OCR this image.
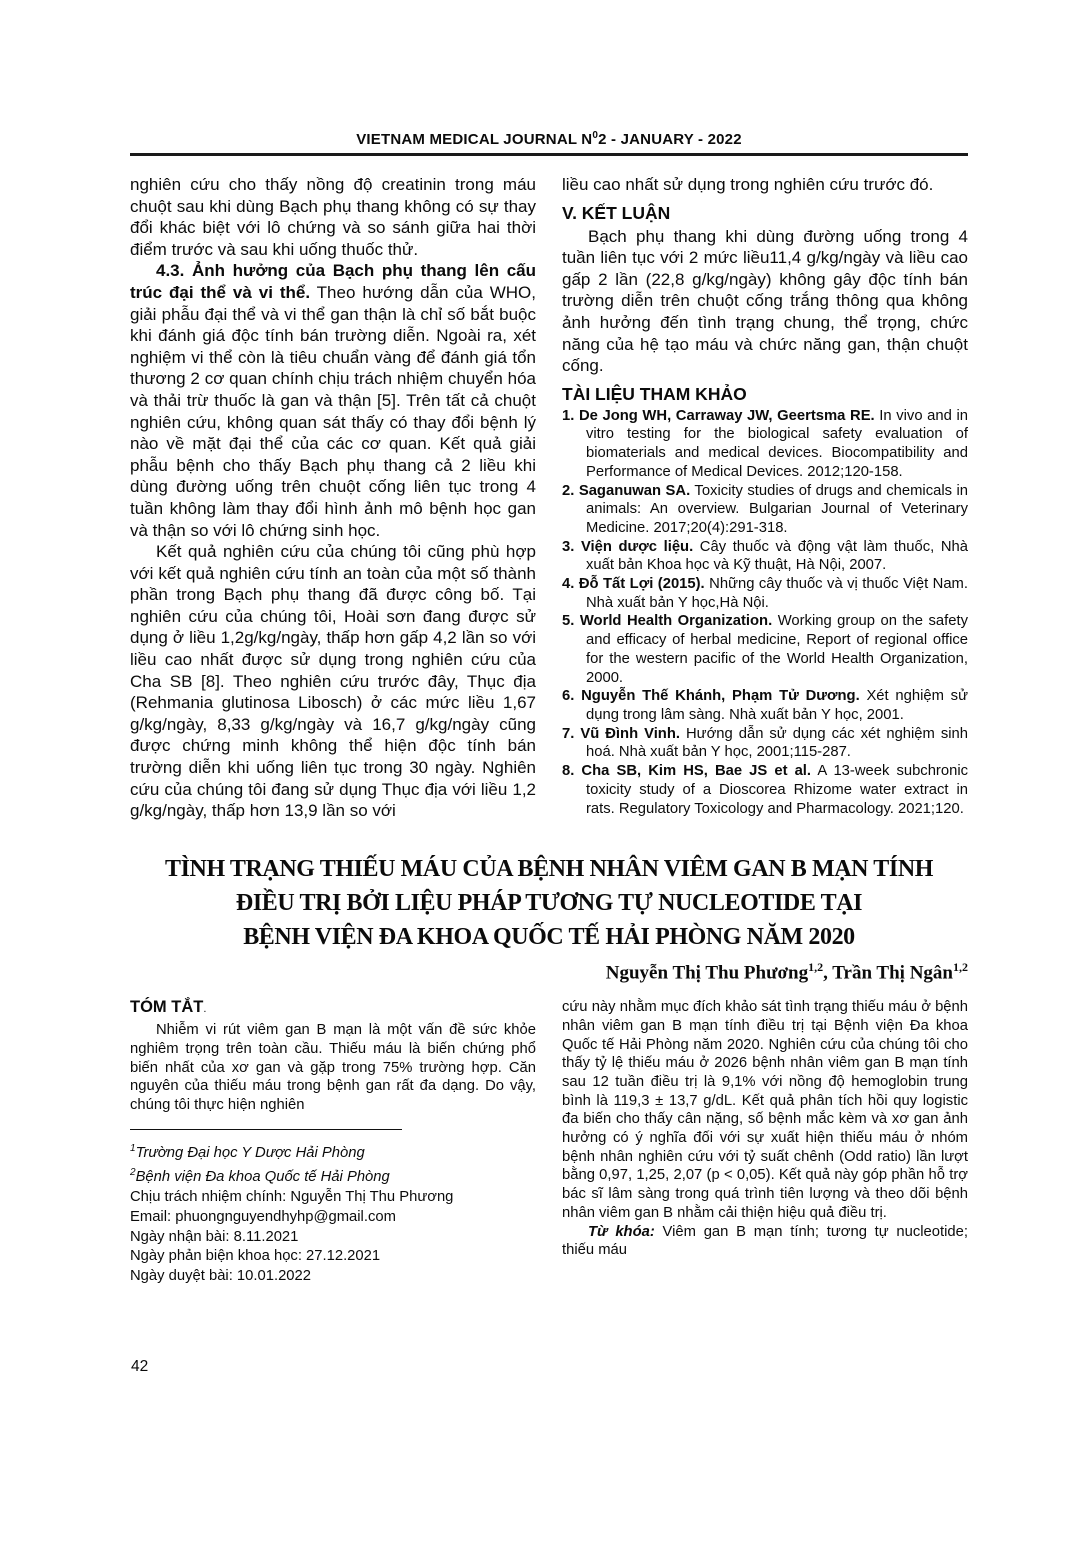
VIETNAM MEDICAL JOURNAL $N^02$ - JANUARY - 2022

nghiên cứu cho thấy nồng độ creatinin trong máu chuột sau khi dùng Bạch phụ thang không có sự thay đổi khác biệt với lô chứng và so sánh giữa hai thời điểm trước và sau khi uống thuốc thử.

4.3. Ảnh hưởng của Bạch phụ thang lên cấu trúc đại thể và vi thể. Theo hướng dẫn của WHO, giải phẫu đại thể và vi thể gan thận là chỉ số bắt buộc khi đánh giá độc tính bán trường diễn. Ngoài ra, xét nghiệm vi thể còn là tiêu chuẩn vàng để đánh giá tổn thương 2 cơ quan chính chịu trách nhiệm chuyển hóa và thải trừ thuốc là gan và thận [5]. Trên tất cả chuột nghiên cứu, không quan sát thấy có thay đổi bệnh lý nào về mặt đại thể của các cơ quan. Kết quả giải phẫu bệnh cho thấy Bạch phụ thang cả 2 liều khi dùng đường uống trên chuột cống liên tục trong 4 tuần không làm thay đổi hình ảnh mô bệnh học gan và thận so với lô chứng sinh học.

Kết quả nghiên cứu của chúng tôi cũng phù hợp với kết quả nghiên cứu tính an toàn của một số thành phần trong Bạch phụ thang đã được công bố. Tại nghiên cứu của chúng tôi, Hoài sơn đang được sử dụng ở liều 1,2g/kg/ngày, thấp hơn gấp 4,2 lần so với liều cao nhất được sử dụng trong nghiên cứu của Cha SB [8]. Theo nghiên cứu trước đây, Thục địa (Rehmania glutinosa Libosch) ở các mức liều 1,67 g/kg/ngày, 8,33 g/kg/ngày và 16,7 g/kg/ngày cũng được chứng minh không thể hiện độc tính bán trường diễn khi uống liên tục trong 30 ngày. Nghiên cứu của chúng tôi đang sử dụng Thục địa với liều 1,2 g/kg/ngày, thấp hơn 13,9 lần so với

liều cao nhất sử dụng trong nghiên cứu trước đó.

V. KẾT LUẬN

Bạch phụ thang khi dùng đường uống trong 4 tuần liên tục với 2 mức liều11,4 g/kg/ngày và liều cao gấp 2 lần (22,8 g/kg/ngày) không gây độc tính bán trường diễn trên chuột cống trắng thông qua không ảnh hưởng đến tình trạng chung, thể trọng, chức năng của hệ tạo máu và chức năng gan, thận chuột cống.

TÀI LIỆU THAM KHẢO
1. De Jong WH, Carraway JW, Geertsma RE. In vivo and in vitro testing for the biological safety evaluation of biomaterials and medical devices. Biocompatibility and Performance of Medical Devices. 2012;120-158.
2. Saganuwan SA. Toxicity studies of drugs and chemicals in animals: An overview. Bulgarian Journal of Veterinary Medicine. 2017;20(4):291-318.
3. Viện dược liệu. Cây thuốc và động vật làm thuốc, Nhà xuất bản Khoa học và Kỹ thuật, Hà Nội, 2007.
4. Đỗ Tất Lợi (2015). Những cây thuốc và vị thuốc Việt Nam. Nhà xuất bản Y học,Hà Nội.
5. World Health Organization. Working group on the safety and efficacy of herbal medicine, Report of regional office for the western pacific of the World Health Organization, 2000.
6. Nguyễn Thế Khánh, Phạm Tử Dương. Xét nghiệm sử dụng trong lâm sàng. Nhà xuất bản Y học, 2001.
7. Vũ Đình Vinh. Hướng dẫn sử dụng các xét nghiệm sinh hoá. Nhà xuất bản Y học, 2001;115-287.
8. Cha SB, Kim HS, Bae JS et al. A 13-week subchronic toxicity study of a Dioscorea Rhizome water extract in rats. Regulatory Toxicology and Pharmacology. 2021;120.
TÌNH TRẠNG THIẾU MÁU CỦA BỆNH NHÂN VIÊM GAN B MẠN TÍNH
ĐIỀU TRỊ BỞI LIỆU PHÁP TƯƠNG TỰ NUCLEOTIDE TẠI
BỆNH VIỆN ĐA KHOA QUỐC TẾ HẢI PHÒNG NĂM 2020
Nguyễn Thị Thu Phương$^{1,2}$, Trần Thị Ngân$^{1,2}$
TÓM TẮT.

Nhiễm vi rút viêm gan B mạn là một vấn đề sức khỏe nghiêm trọng trên toàn cầu. Thiếu máu là biến chứng phổ biến nhất của xơ gan và gặp trong 75% trường hợp. Căn nguyên của thiếu máu trong bệnh gan rất đa dạng. Do vậy, chúng tôi thực hiện nghiên

$^1$Trường Đại học Y Dược Hải Phòng
$^2$Bệnh viện Đa khoa Quốc tế Hải Phòng
Chịu trách nhiệm chính: Nguyễn Thị Thu Phương
Email: phuongnguyendhyhp@gmail.com
Ngày nhận bài: 8.11.2021
Ngày phản biện khoa học: 27.12.2021
Ngày duyệt bài: 10.01.2022

cứu này nhằm mục đích khảo sát tình trạng thiếu máu ở bệnh nhân viêm gan B mạn tính điều trị tại Bệnh viện Đa khoa Quốc tế Hải Phòng năm 2020. Nghiên cứu của chúng tôi cho thấy tỷ lệ thiếu máu ở 2026 bệnh nhân viêm gan B mạn tính sau 12 tuần điều trị là 9,1% với nồng độ hemoglobin trung bình là 119,3 ± 13,7 g/dL. Kết quả phân tích hồi quy logistic đa biến cho thấy cân nặng, số bệnh mắc kèm và xơ gan ảnh hưởng có ý nghĩa đối với sự xuất hiện thiếu máu ở nhóm bệnh nhân nghiên cứu với tỷ suất chênh (Odd ratio) lần lượt bằng 0,97, 1,25, 2,07 (p < 0,05). Kết quả này góp phần hỗ trợ bác sĩ lâm sàng trong quá trình tiên lượng và theo dõi bệnh nhân viêm gan B nhằm cải thiện hiệu quả điều trị.

Từ khóa: Viêm gan B mạn tính; tương tự nucleotide; thiếu máu

42
